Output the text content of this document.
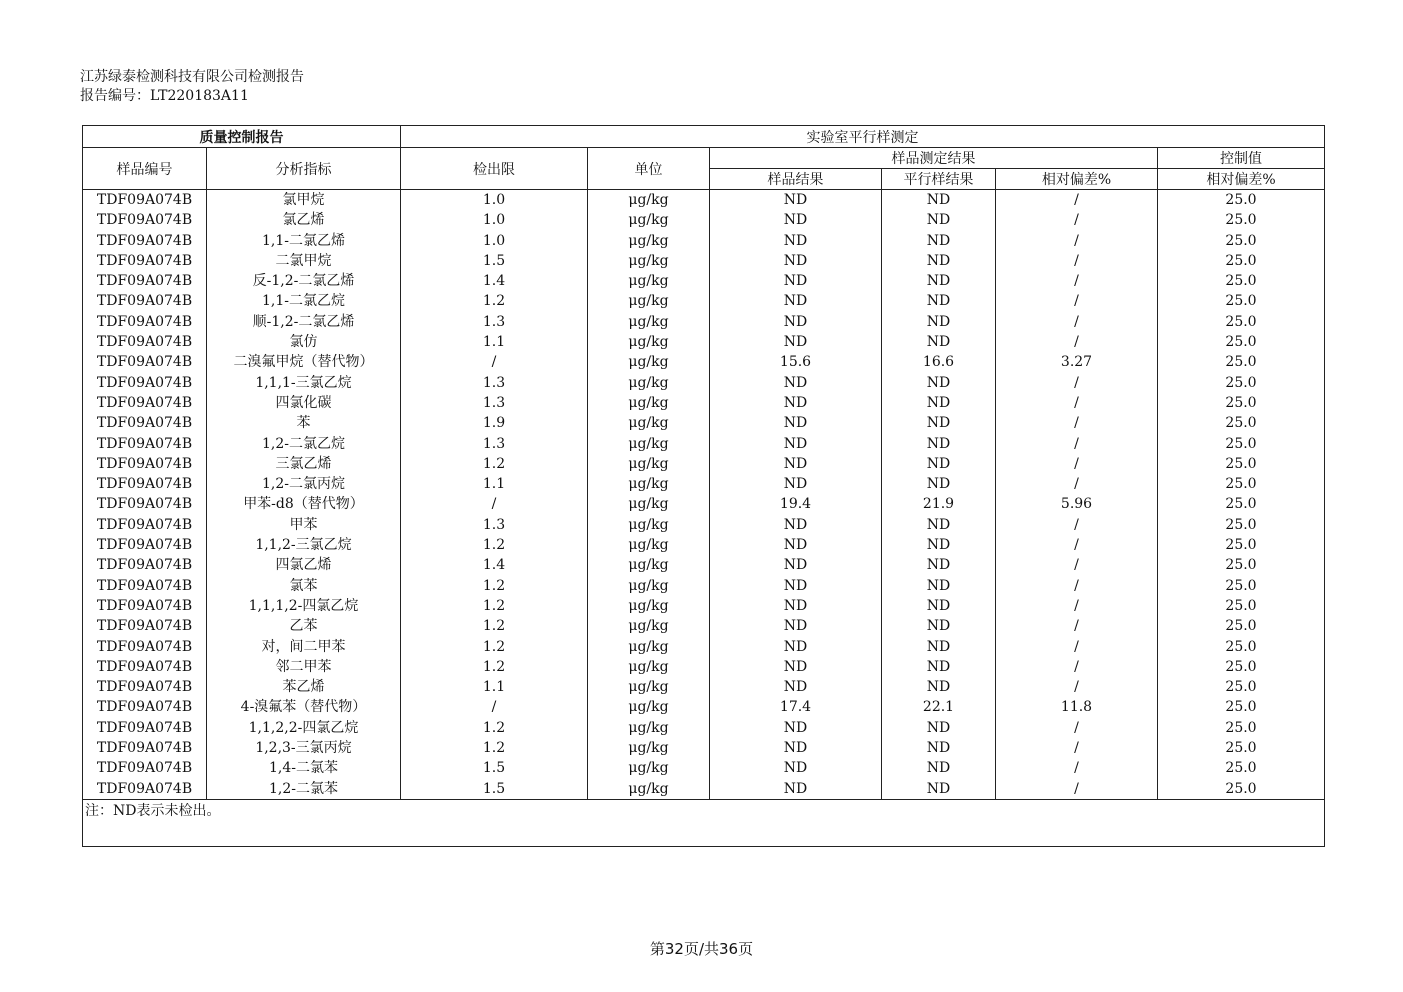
江苏绿泰检测科技有限公司检测报告
报告编号：LT220183A11
质量控制报告		实验室平行样测定					
样品编号	分析指标	检出限	单位	样品测定结果			控制值
				样品结果	平行样结果	相对偏差%	相对偏差%
TDF09A074B	氯甲烷	1.0	μg/kg	ND	ND	/	25.0
TDF09A074B	氯乙烯	1.0	μg/kg	ND	ND	/	25.0
TDF09A074B	1,1-二氯乙烯	1.0	μg/kg	ND	ND	/	25.0
TDF09A074B	二氯甲烷	1.5	μg/kg	ND	ND	/	25.0
TDF09A074B	反-1,2-二氯乙烯	1.4	μg/kg	ND	ND	/	25.0
TDF09A074B	1,1-二氯乙烷	1.2	μg/kg	ND	ND	/	25.0
TDF09A074B	顺-1,2-二氯乙烯	1.3	μg/kg	ND	ND	/	25.0
TDF09A074B	氯仿	1.1	μg/kg	ND	ND	/	25.0
TDF09A074B	二溴氟甲烷（替代物）	/	μg/kg	15.6	16.6	3.27	25.0
TDF09A074B	1,1,1-三氯乙烷	1.3	μg/kg	ND	ND	/	25.0
TDF09A074B	四氯化碳	1.3	μg/kg	ND	ND	/	25.0
TDF09A074B	苯	1.9	μg/kg	ND	ND	/	25.0
TDF09A074B	1,2-二氯乙烷	1.3	μg/kg	ND	ND	/	25.0
TDF09A074B	三氯乙烯	1.2	μg/kg	ND	ND	/	25.0
TDF09A074B	1,2-二氯丙烷	1.1	μg/kg	ND	ND	/	25.0
TDF09A074B	甲苯-d8（替代物）	/	μg/kg	19.4	21.9	5.96	25.0
TDF09A074B	甲苯	1.3	μg/kg	ND	ND	/	25.0
TDF09A074B	1,1,2-三氯乙烷	1.2	μg/kg	ND	ND	/	25.0
TDF09A074B	四氯乙烯	1.4	μg/kg	ND	ND	/	25.0
TDF09A074B	氯苯	1.2	μg/kg	ND	ND	/	25.0
TDF09A074B	1,1,1,2-四氯乙烷	1.2	μg/kg	ND	ND	/	25.0
TDF09A074B	乙苯	1.2	μg/kg	ND	ND	/	25.0
TDF09A074B	对，间二甲苯	1.2	μg/kg	ND	ND	/	25.0
TDF09A074B	邻二甲苯	1.2	μg/kg	ND	ND	/	25.0
TDF09A074B	苯乙烯	1.1	μg/kg	ND	ND	/	25.0
TDF09A074B	4-溴氟苯（替代物）	/	μg/kg	17.4	22.1	11.8	25.0
TDF09A074B	1,1,2,2-四氯乙烷	1.2	μg/kg	ND	ND	/	25.0
TDF09A074B	1,2,3-三氯丙烷	1.2	μg/kg	ND	ND	/	25.0
TDF09A074B	1,4-二氯苯	1.5	μg/kg	ND	ND	/	25.0
TDF09A074B	1,2-二氯苯	1.5	μg/kg	ND	ND	/	25.0
注：ND表示未检出。							
第32页/共36页
